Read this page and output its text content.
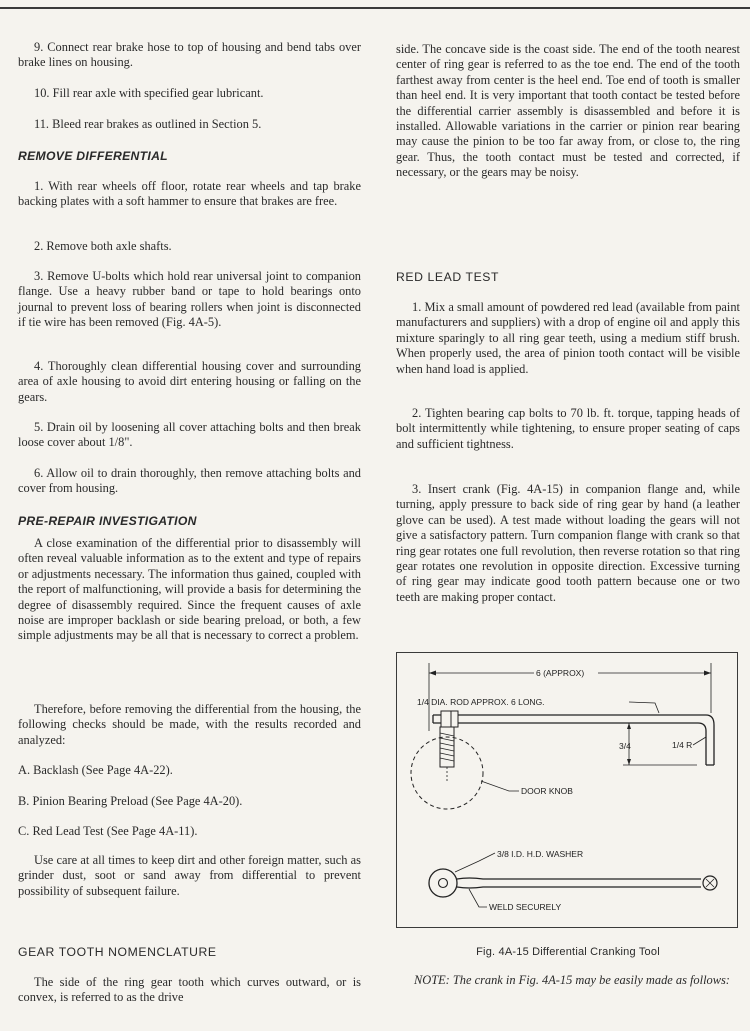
9. Connect rear brake hose to top of housing and bend tabs over brake lines on housing.

10. Fill rear axle with specified gear lubricant.

11. Bleed rear brakes as outlined in Section 5.

REMOVE DIFFERENTIAL

1. With rear wheels off floor, rotate rear wheels and tap brake backing plates with a soft hammer to ensure that brakes are free.

2. Remove both axle shafts.

3. Remove U-bolts which hold rear universal joint to companion flange. Use a heavy rubber band or tape to hold bearings onto journal to prevent loss of bearing rollers when joint is disconnected if tie wire has been removed (Fig. 4A-5).

4. Thoroughly clean differential housing cover and surrounding area of axle housing to avoid dirt entering housing or falling on the gears.

5. Drain oil by loosening all cover attaching bolts and then break loose cover about 1/8".

6. Allow oil to drain thoroughly, then remove attaching bolts and cover from housing.

PRE-REPAIR INVESTIGATION

A close examination of the differential prior to disassembly will often reveal valuable information as to the extent and type of repairs or adjustments necessary. The information thus gained, coupled with the report of malfunctioning, will provide a basis for determining the degree of disassembly required. Since the frequent causes of axle noise are improper backlash or side bearing preload, or both, a few simple adjustments may be all that is necessary to correct a problem.

Therefore, before removing the differential from the housing, the following checks should be made, with the results recorded and analyzed:

A. Backlash (See Page 4A-22).

B. Pinion Bearing Preload (See Page 4A-20).

C. Red Lead Test (See Page 4A-11).

Use care at all times to keep dirt and other foreign matter, such as grinder dust, soot or sand away from differential to prevent possibility of subsequent failure.

GEAR TOOTH NOMENCLATURE

The side of the ring gear tooth which curves outward, or is convex, is referred to as the drive

side. The concave side is the coast side. The end of the tooth nearest center of ring gear is referred to as the toe end. The end of the tooth farthest away from center is the heel end. Toe end of tooth is smaller than heel end. It is very important that tooth contact be tested before the differential carrier assembly is disassembled and before it is installed. Allowable variations in the carrier or pinion rear bearing may cause the pinion to be too far away from, or close to, the ring gear. Thus, the tooth contact must be tested and corrected, if necessary, or the gears may be noisy.

RED LEAD TEST

1. Mix a small amount of powdered red lead (available from paint manufacturers and suppliers) with a drop of engine oil and apply this mixture sparingly to all ring gear teeth, using a medium stiff brush. When properly used, the area of pinion tooth contact will be visible when hand load is applied.

2. Tighten bearing cap bolts to 70 lb. ft. torque, tapping heads of bolt intermittently while tightening, to ensure proper seating of caps and sufficient tightness.

3. Insert crank (Fig. 4A-15) in companion flange and, while turning, apply pressure to back side of ring gear by hand (a leather glove can be used). A test made without loading the gears will not give a satisfactory pattern. Turn companion flange with crank so that ring gear rotates one full revolution, then reverse rotation so that ring gear rotates one revolution in opposite direction. Excessive turning of ring gear may indicate good tooth pattern because one or two teeth are making proper contact.

6 (APPROX)
1/4 DIA. ROD APPROX. 6 LONG.
3/4	1/4 R
DOOR KNOB
3/8 I.D. H.D. WASHER
WELD SECURELY
Fig. 4A-15 Differential Cranking Tool
NOTE: The crank in Fig. 4A-15 may be easily made as follows:
